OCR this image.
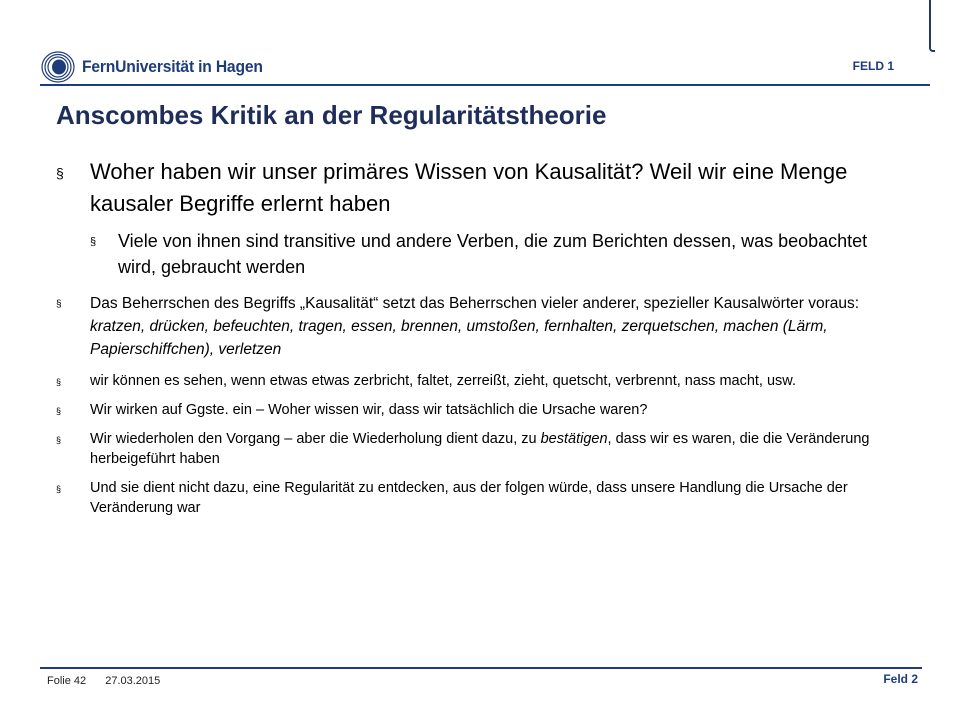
FernUniversität in Hagen	FELD 1
Anscombes Kritik an der Regularitätstheorie
§ Woher haben wir unser primäres Wissen von Kausalität? Weil wir eine Menge kausaler Begriffe erlernt haben
§ Viele von ihnen sind transitive und andere Verben, die zum Berichten dessen, was beobachtet wird, gebraucht werden
§ Das Beherrschen des Begriffs „Kausalität“ setzt das Beherrschen vieler anderer, spezieller Kausalwörter voraus: kratzen, drücken, befeuchten, tragen, essen, brennen, umstoßen, fernhalten, zerquetschen, machen (Lärm, Papierschiffchen), verletzen
§ wir können es sehen, wenn etwas etwas zerbricht, faltet, zerreißt, zieht, quetscht, verbrennt, nass macht, usw.
§ Wir wirken auf Ggste. ein – Woher wissen wir, dass wir tatsächlich die Ursache waren?
§ Wir wiederholen den Vorgang – aber die Wiederholung dient dazu, zu bestätigen, dass wir es waren, die die Veränderung herbeigeführt haben
§ Und sie dient nicht dazu, eine Regularität zu entdecken, aus der folgen würde, dass unsere Handlung die Ursache der Veränderung war
Folie 42 27.03.2015	Feld 2
